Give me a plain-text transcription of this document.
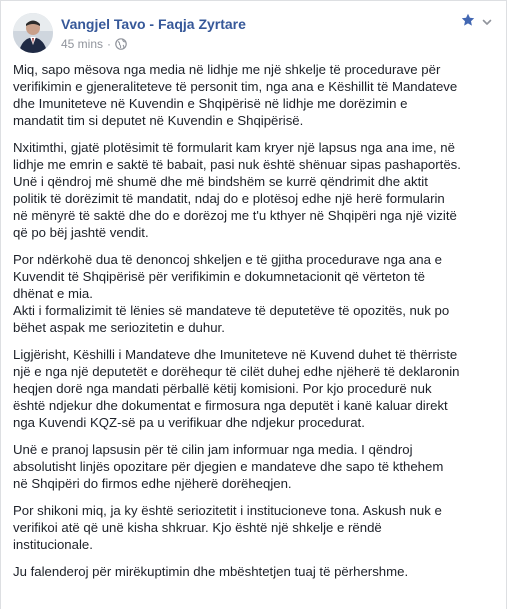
Vangjel Tavo - Faqja Zyrtare
45 mins ·

Miq, sapo mësova nga media në lidhje me një shkelje të procedurave për
verifikimin e gjeneraliteteve të personit tim, nga ana e Këshillit të Mandateve
dhe Imuniteteve në Kuvendin e Shqipërisë në lidhje me dorëzimin e
mandatit tim si deputet në Kuvendin e Shqipërisë.

Nxitimthi, gjatë plotësimit të formularit kam kryer një lapsus nga ana ime, në
lidhje me emrin e saktë të babait, pasi nuk është shënuar sipas pashaportës.
Unë i qëndroj më shumë dhe më bindshëm se kurrë qëndrimit dhe aktit
politik të dorëzimit të mandatit, ndaj do e plotësoj edhe një herë formularin
në mënyrë të saktë dhe do e dorëzoj me t'u kthyer në Shqipëri nga një vizitë
që po bëj jashtë vendit.

Por ndërkohë dua të denoncoj shkeljen e të gjitha procedurave nga ana e
Kuvendit të Shqipërisë për verifikimin e dokumnetacionit që vërteton të
dhënat e mia.
Akti i formalizimit të lënies së mandateve të deputetëve të opozitës, nuk po
bëhet aspak me seriozitetin e duhur.

Ligjërisht, Këshilli i Mandateve dhe Imuniteteve në Kuvend duhet të thërriste
një e nga një deputetët e dorëhequr të cilët duhej edhe njëherë të deklaronin
heqjen dorë nga mandati përballë këtij komisioni. Por kjo procedurë nuk
është ndjekur dhe dokumentat e firmosura nga deputët i kanë kaluar direkt
nga Kuvendi KQZ-së pa u verifikuar dhe ndjekur procedurat.

Unë e pranoj lapsusin për të cilin jam informuar nga media. I qëndroj
absolutisht linjës opozitare për djegien e mandateve dhe sapo të kthehem
në Shqipëri do firmos edhe njëherë dorëheqjen.

Por shikoni miq, ja ky është seriozitetit i institucioneve tona. Askush nuk e
verifikoi atë që unë kisha shkruar. Kjo është një shkelje e rëndë
institucionale.

Ju falenderoj për mirëkuptimin dhe mbështetjen tuaj të përhershme.
